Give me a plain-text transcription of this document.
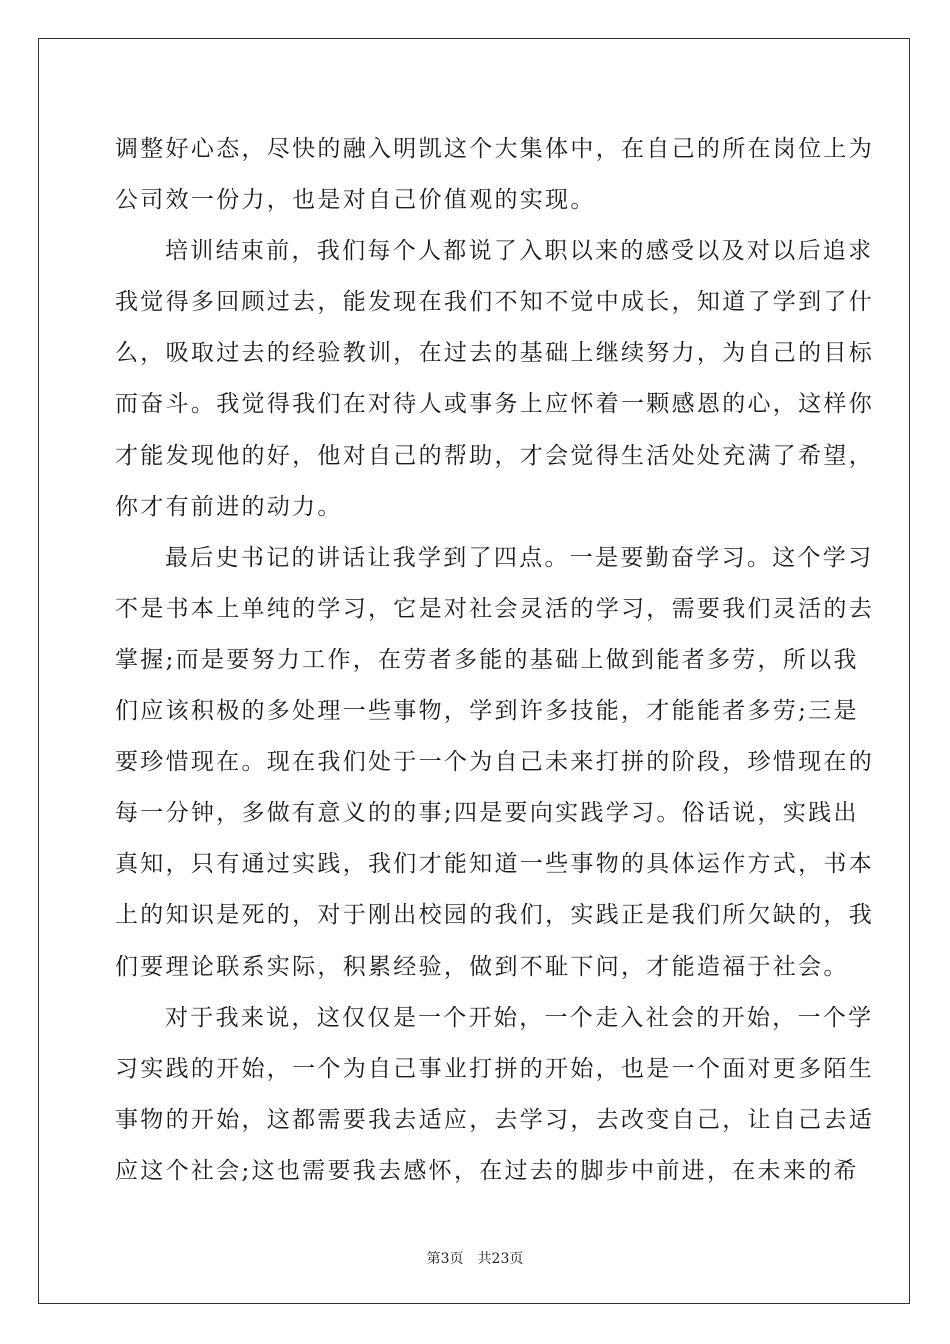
调整好心态，尽快的融入明凯这个大集体中，在自己的所在岗位上为
公司效一份力，也是对自己价值观的实现。

培训结束前，我们每个人都说了入职以来的感受以及对以后追求
我觉得多回顾过去，能发现在我们不知不觉中成长，知道了学到了什
么，吸取过去的经验教训，在过去的基础上继续努力，为自己的目标
而奋斗。我觉得我们在对待人或事务上应怀着一颗感恩的心，这样你
才能发现他的好，他对自己的帮助，才会觉得生活处处充满了希望，
你才有前进的动力。

最后史书记的讲话让我学到了四点。一是要勤奋学习。这个学习
不是书本上单纯的学习，它是对社会灵活的学习，需要我们灵活的去
掌握;而是要努力工作，在劳者多能的基础上做到能者多劳，所以我
们应该积极的多处理一些事物，学到许多技能，才能能者多劳;三是
要珍惜现在。现在我们处于一个为自己未来打拼的阶段，珍惜现在的
每一分钟，多做有意义的的事;四是要向实践学习。俗话说，实践出
真知，只有通过实践，我们才能知道一些事物的具体运作方式，书本
上的知识是死的，对于刚出校园的我们，实践正是我们所欠缺的，我
们要理论联系实际，积累经验，做到不耻下问，才能造福于社会。

对于我来说，这仅仅是一个开始，一个走入社会的开始，一个学
习实践的开始，一个为自己事业打拼的开始，也是一个面对更多陌生
事物的开始，这都需要我去适应，去学习，去改变自己，让自己去适
应这个社会;这也需要我去感怀，在过去的脚步中前进，在未来的希

第3页 共23页
